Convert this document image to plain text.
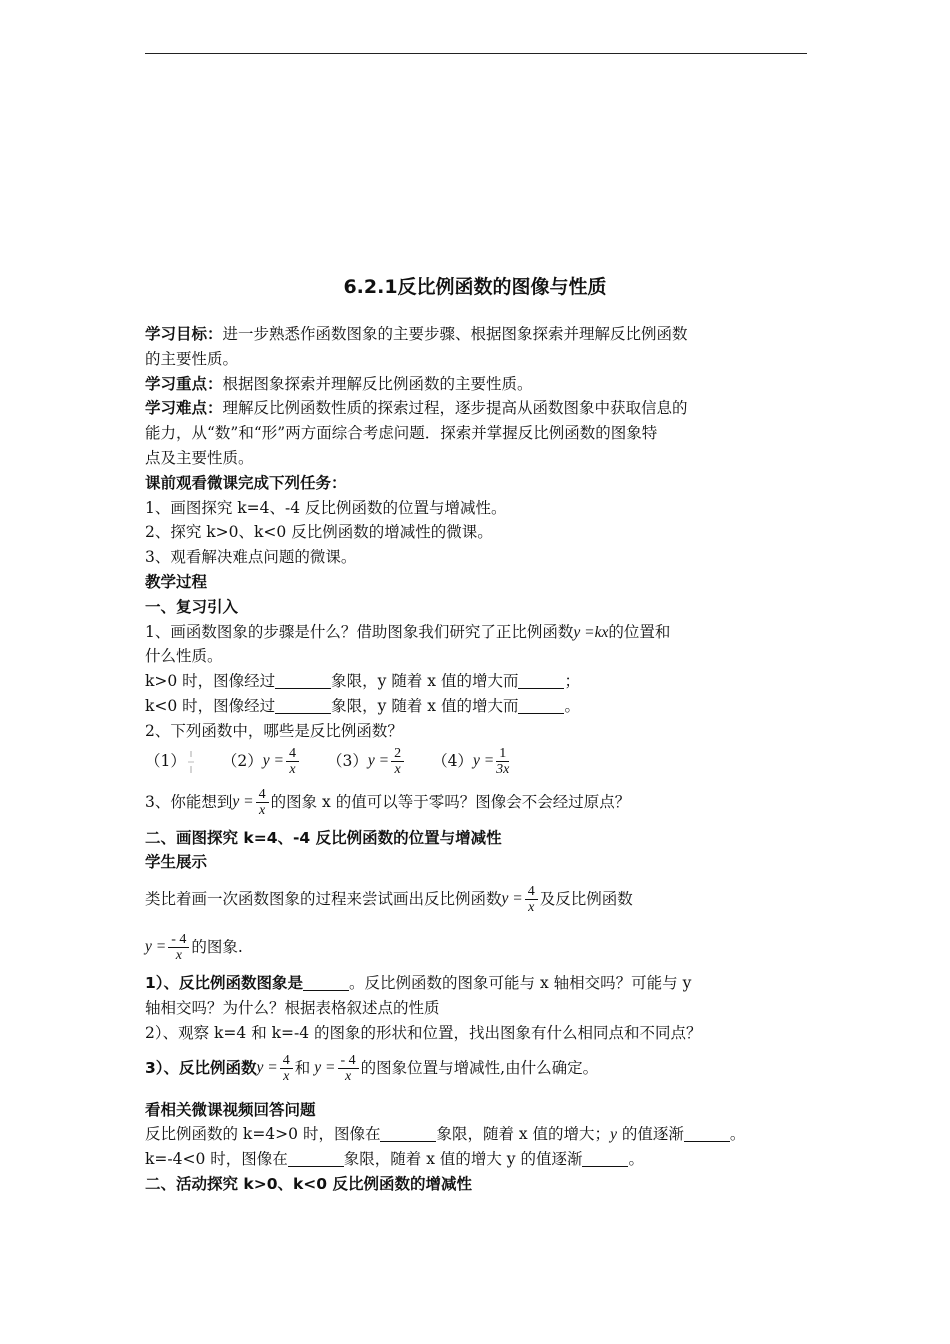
6.2.1反比例函数的图像与性质
学习目标：进一步熟悉作函数图象的主要步骤、根据图象探索并理解反比例函数
的主要性质。
学习重点：根据图象探索并理解反比例函数的主要性质。
学习难点：理解反比例函数性质的探索过程，逐步提高从函数图象中获取信息的
能力，从“数”和“形”两方面综合考虑问题．探索并掌握反比例函数的图象特
点及主要性质。
课前观看微课完成下列任务：
1、画图探究 k=4、-4 反比例函数的位置与增减性。
2、探究 k>0、k<0 反比例函数的增减性的微课。
3、观看解决难点问题的微课。
教学过程
一、复习引入
1、画函数图象的步骤是什么？借助图象我们研究了正比例函数y =kx的位置和
什么性质。
k>0 时，图像经过	象限，y 随着 x 值的增大而	；
k<0 时，图像经过	象限，y 随着 x 值的增大而	。
2、下列函数中，哪些是反比例函数？
（1） （2） $y = \frac{4}{x} (3) y = \frac{2}{x} (4) y = \frac{1}{3x}$
3、你能想到 $y = \frac{4}{x}$ 的图象 x 的值可以等于零吗？图像会不会经过原点？
二、画图探究 k=4、-4 反比例函数的位置与增减性
学生展示
类比着画一次函数图象的过程来尝试画出反比例函数 $y = \frac{4}{x}$ 及反比例函数
$y = \frac{- 4}{x}$ 的图象.
1）、反比例函数图象是	。反比例函数的图象可能与 x 轴相交吗？可能与 y
轴相交吗？为什么？根据表格叙述点的性质
2）、观察 k=4 和 k=-4 的图象的形状和位置，找出图象有什么相同点和不同点？
3）、反比例函数 $y = \frac{4}{x}$ 和 $y = \frac{- 4}{x}$ 的图象位置与增减性,由什么确定。
看相关微课视频回答问题
反比例函数的 k=4>0 时，图像在	象限，随着 x 值的增大；y 的值逐渐	。
k=-4<0 时，图像在	象限，随着 x 值的增大 y 的值逐渐	。
二、活动探究 k>0、k<0 反比例函数的增减性
